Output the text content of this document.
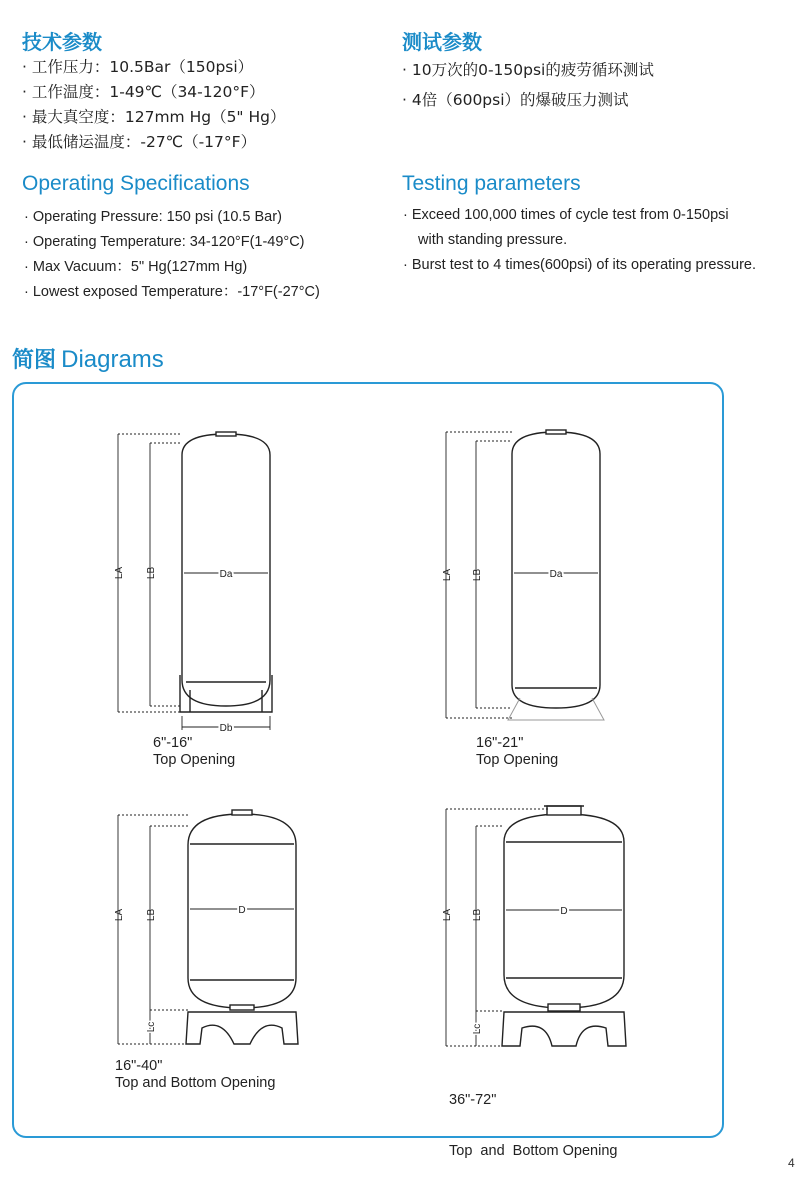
技术参数
· 工作压力：10.5Bar（150psi）
· 工作温度：1-49℃（34-120°F）
· 最大真空度：127mm Hg（5" Hg）
· 最低储运温度：-27℃（-17°F）
Operating Specifications
· Operating Pressure: 150 psi (10.5 Bar)
· Operating Temperature: 34-120°F(1-49°C)
· Max Vacuum：5" Hg(127mm Hg)
· Lowest exposed Temperature：-17°F(-27°C)
测试参数
· 10万次的0-150psi的疲劳循环测试
· 4倍（600psi）的爆破压力测试
Testing parameters
· Exceed 100,000 times of cycle test from 0-150psi
with standing pressure.
· Burst test to 4 times(600psi) of its operating pressure.
简图 Diagrams
LA LB	Da
Db
LA LB	Da
LA LB	D
Lc
LA LB	D
Lc
6"-16"
Top Opening
16"-21"
Top Opening
16"-40"
Top and Bottom Opening

36"-72"

Top  and  Bottom Opening

4
